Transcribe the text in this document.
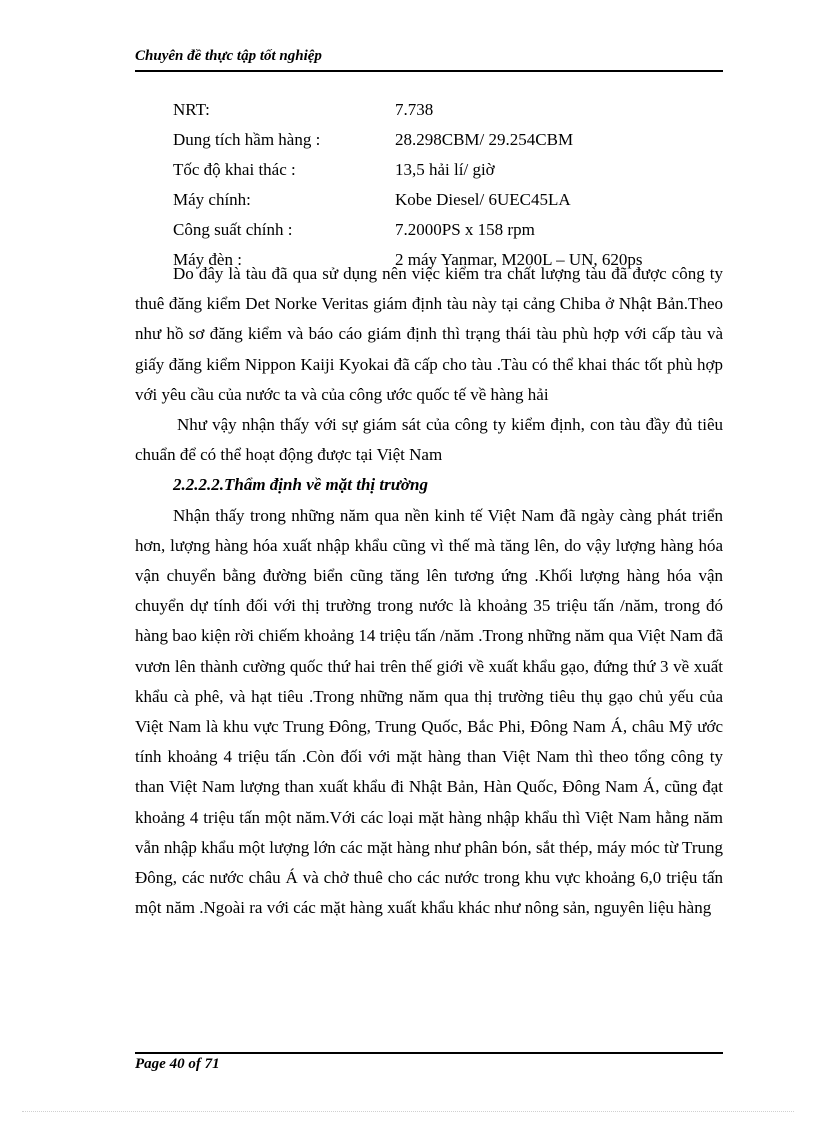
Chuyên đề thực tập tốt nghiệp
NRT:	7.738
Dung tích hầm hàng :	28.298CBM/ 29.254CBM
Tốc độ khai thác :	13,5 hải lí/ giờ
Máy chính:	Kobe Diesel/ 6UEC45LA
Công suất chính :	7.2000PS x 158 rpm
Máy đèn :	2 máy Yanmar, M200L – UN, 620ps

Do đây là tàu đã qua sử dụng nên việc kiểm tra chất lượng tàu đã được công ty thuê đăng kiểm Det Norke Veritas giám định tàu này tại cảng Chiba ở Nhật Bản.Theo như hồ sơ đăng kiểm và báo cáo giám định thì trạng thái tàu phù hợp với cấp tàu và giấy đăng kiểm Nippon Kaiji Kyokai đã cấp cho tàu .Tàu có thể khai thác tốt phù hợp với yêu cầu của nước ta và của công ước quốc tế về hàng hải

Như vậy nhận thấy với sự giám sát của công ty kiểm định, con tàu đầy đủ tiêu chuẩn để có thể hoạt động được tại Việt Nam

2.2.2.2.Thẩm định về mặt thị trường

Nhận thấy trong những năm qua nền kinh tế Việt Nam đã ngày càng phát triển hơn, lượng hàng hóa xuất nhập khẩu cũng vì thế mà tăng lên, do vậy lượng hàng hóa vận chuyển bằng đường biển cũng tăng lên tương ứng .Khối lượng hàng hóa vận chuyển dự tính đối với thị trường trong nước là khoảng 35 triệu tấn /năm, trong đó hàng bao kiện rời chiếm khoảng 14 triệu tấn /năm .Trong những năm qua Việt Nam đã vươn lên thành cường quốc thứ hai trên thế giới về xuất khẩu gạo, đứng thứ 3 về xuất khẩu cà phê, và hạt tiêu .Trong những năm qua thị trường tiêu thụ gạo chủ yếu của Việt Nam là khu vực Trung Đông, Trung Quốc, Bắc Phi, Đông Nam Á, châu Mỹ ước tính khoảng 4 triệu tấn .Còn đối với mặt hàng than Việt Nam thì theo tổng công ty than Việt Nam lượng than xuất khẩu đi Nhật Bản, Hàn Quốc, Đông Nam Á, cũng đạt khoảng 4 triệu tấn một năm.Với các loại mặt hàng nhập khẩu thì Việt Nam hằng năm vẫn nhập khẩu một lượng lớn các mặt hàng như phân bón, sắt thép, máy móc từ Trung Đông, các nước châu Á và chở thuê cho các nước trong khu vực khoảng 6,0 triệu tấn một năm .Ngoài ra với các mặt hàng xuất khẩu khác như nông sản, nguyên liệu hàng

Page 40 of 71
